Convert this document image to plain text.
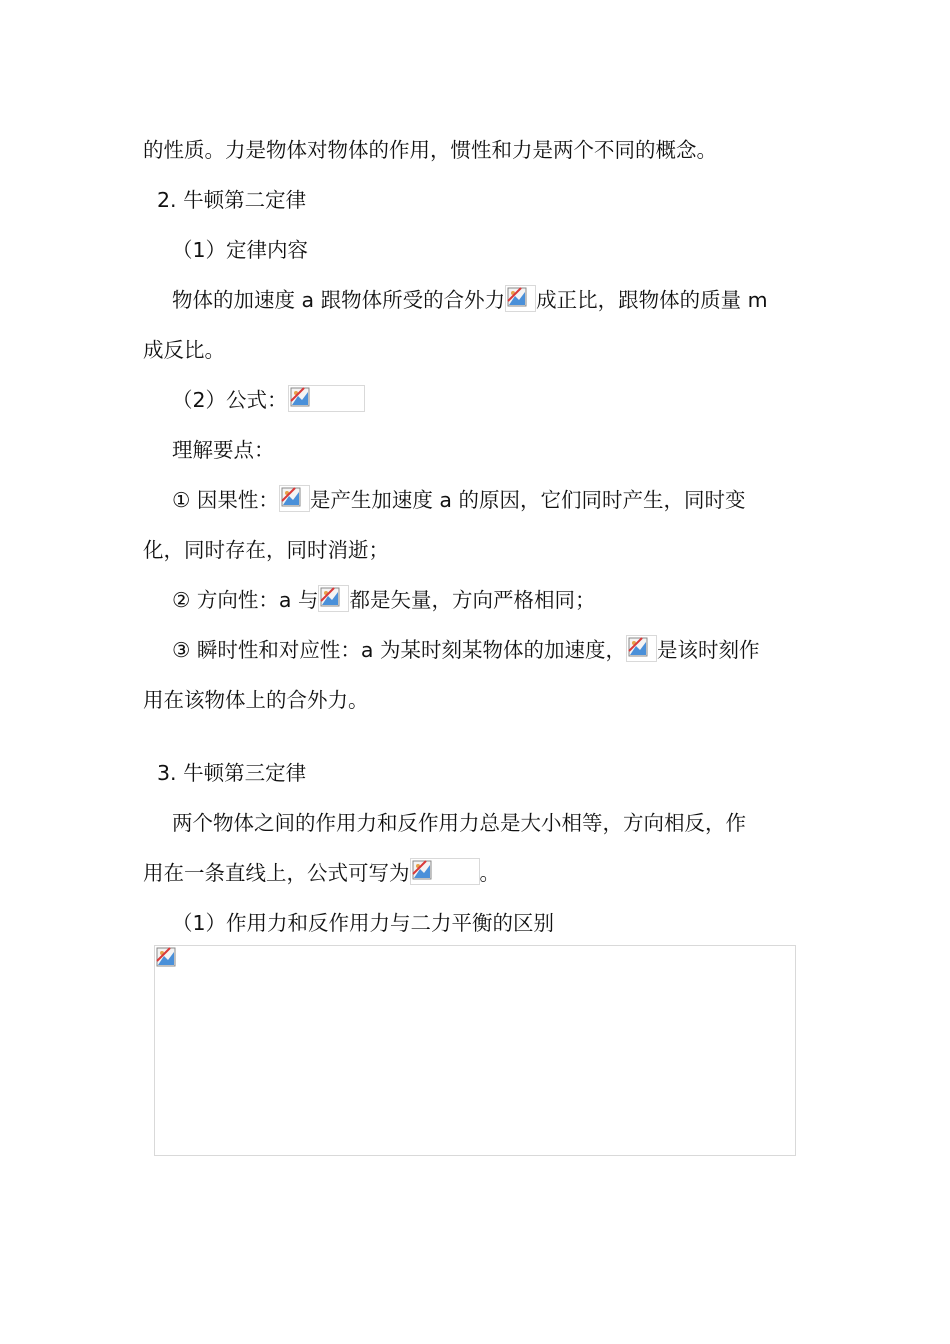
的性质。力是物体对物体的作用，惯性和力是两个不同的概念。
2. 牛顿第二定律
（1）定律内容
物体的加速度 a 跟物体所受的合外力 成正比，跟物体的质量 m
成反比。
（2）公式：
理解要点：
① 因果性： 是产生加速度 a 的原因，它们同时产生，同时变
化，同时存在，同时消逝；
② 方向性：a 与 都是矢量，方向严格相同；
③ 瞬时性和对应性：a 为某时刻某物体的加速度， 是该时刻作
用在该物体上的合外力。
3. 牛顿第三定律
两个物体之间的作用力和反作用力总是大小相等，方向相反，作
用在一条直线上，公式可写为	。
（1）作用力和反作用力与二力平衡的区别
